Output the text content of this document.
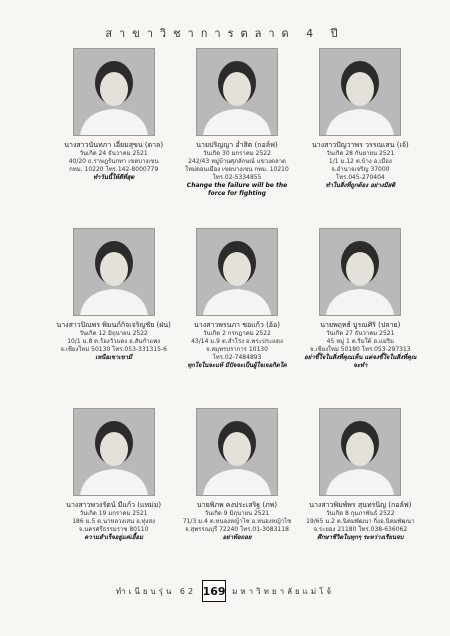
สาขาวิชาการตลาด 4 ปี
นางสาวนันทภา เอี่ยมสุขน (ตาล)
วันเกิด 24 ธันวาคม 2521
40/20 ถ.ราษฎร์นกทา เขตบางเขน
กทม. 10220 โทร.142-8000779
ทำวันนี้ให้ดีที่สุด
นายปริญญา อ่ำสิต (กอล์ฟ)
วันเกิด 30 มกราคม 2522
242/43 หมู่บ้านศุภลักษณ์ แขวงตลาด
ใหม่ดอนเมือง เขตบางเขน กทม. 10210
โทร.02-5334855
Change the failure will be the force for fighting
นางสาวปัญวาพร วรรณเสน (เจ้)
วันเกิด 28 กันยายน 2521
1/1 ม.12 ต.บ้าง อ.เมือง
จ.อำนาจเจริญ 37000
โทร.045-270404
ทำในสิ่งที่ถูกต้อง อย่างมีสติ
นางสาวปิณพร พิมนภ์กิจเจริญชัย (ฝน)
วันเกิด 12 มิถุนายน 2522
10/1 ม.8 ต.ร้องวัวแดง อ.สันกำแพง
จ.เชียงใหม่ 50130 โทร.053-331315-6
เหนือเขาเขามี
นางสาวพรนภา ชอแก้ว (อ้อ)
วันเกิด 2 กรกฎาคม 2522
43/14 ม.9 ต.สำโรง อ.พระประแดง
จ.สมุทรปราการ 10130
โทร.02-7484893
ทุกใจในจะแท้ มีปัจจะเป็นผู้ใจเจอกิดใค
นายพฤทธ์ บูรณศิริ (ปลาย)
วันเกิด 27 ธันวาคม 2521
45 หมู่ 1 ต.ริมใต้ อ.แม่ริม
จ.เชียงใหม่ 50180 โทร.053-297313
อย่าขี้ใจในสิ่งที่คุณเห็น แต่จงขี้ใจในสิ่งที่คุณจะทำ
นางสาวพวงรัตน์ มีแก้ว (แหม่ม)
วันเกิด 19 มกราคม 2521
186 ม.5 ต.นาหลวงเสน อ.ทุ่งสง
จ.นครศรีธรรมราช 80110
ความสำเร็จอยู่แค่เอื้อม
นายพิภพ คงประเสริฐ (ภพ)
วันเกิด 9 มิถุนายน 2521
71/3 ม.4 ต.หนองหญ้าไซ อ.หนองหญ้าไซ
จ.สุพรรณบุรี 72240 โทร.01-3083118
อย่าท้อถอย
นางสาวพิมพ์พร สุนทรนิญ (กอล์ฟ)
วันเกิด 8 กุมภาพันธ์ 2522
19/65 ม.2 ต.นิคมพัฒนา กิ่งอ.นิคมพัฒนา
จ.ระยอง 21180 โทร.038-636062
ศึกษาชีวิตในทุกๆ ระหว่างเรียนจบ
ทำเนียบรุ่น 62 169 มหาวิทยาลัยแม่โจ้
